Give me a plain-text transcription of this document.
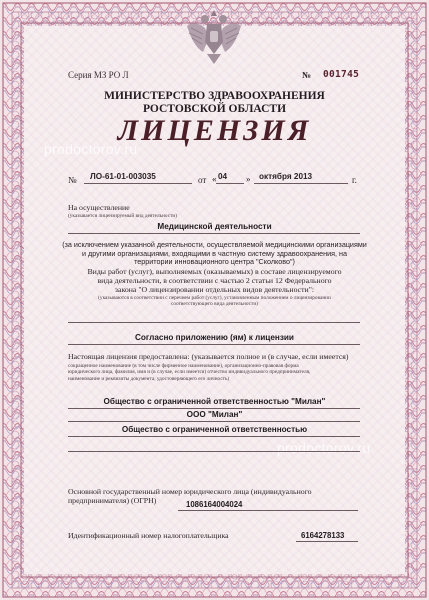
Серия МЗ РО Л	№ 001745
МИНИСТЕРСТВО ЗДРАВООХРАНЕНИЯ
РОСТОВСКОЙ ОБЛАСТИ
ЛИЦЕНЗИЯ
prodoctorov.ru
prodoctorov.ru
№ ЛО-61-01-003035	от « 04 » октября 2013	г.
На осуществление
(указывается лицензируемый вид деятельности)
Медицинской деятельности
(за исключением указанной деятельности, осуществляемой медицинскими организациями
и другими организациями, входящими в частную систему здравоохранения, на
территории инновационного центра "Сколково")
Виды работ (услуг), выполняемых (оказываемых) в составе лицензируемого
вида деятельности, в соответствии с частью 2 статьи 12 Федерального
закона "О лицензировании отдельных видов деятельности":
(указываются в соответствии с перечнем работ (услуг), установленным положением о лицензировании
соответствующего вида деятельности)
Согласно приложению (ям) к лицензии
Настоящая лицензия предоставлена: (указывается полное и (в случае, если имеется)
сокращенное наименование (в том числе фирменное наименование), организационно-правовая форма
юридического лица, фамилия, имя и (в случае, если имеется) отчество индивидуального предпринимателя,
наименование и реквизиты документа, удостоверяющего его личность)
Общество с ограниченной ответственностью "Милан"
ООО "Милан"
Общество с ограниченной ответственностью
Основной государственный номер юридического лица (индивидуального
предпринимателя) (ОГРН)	1086164004024
Идентификационный номер налогоплательщика	6164278133
